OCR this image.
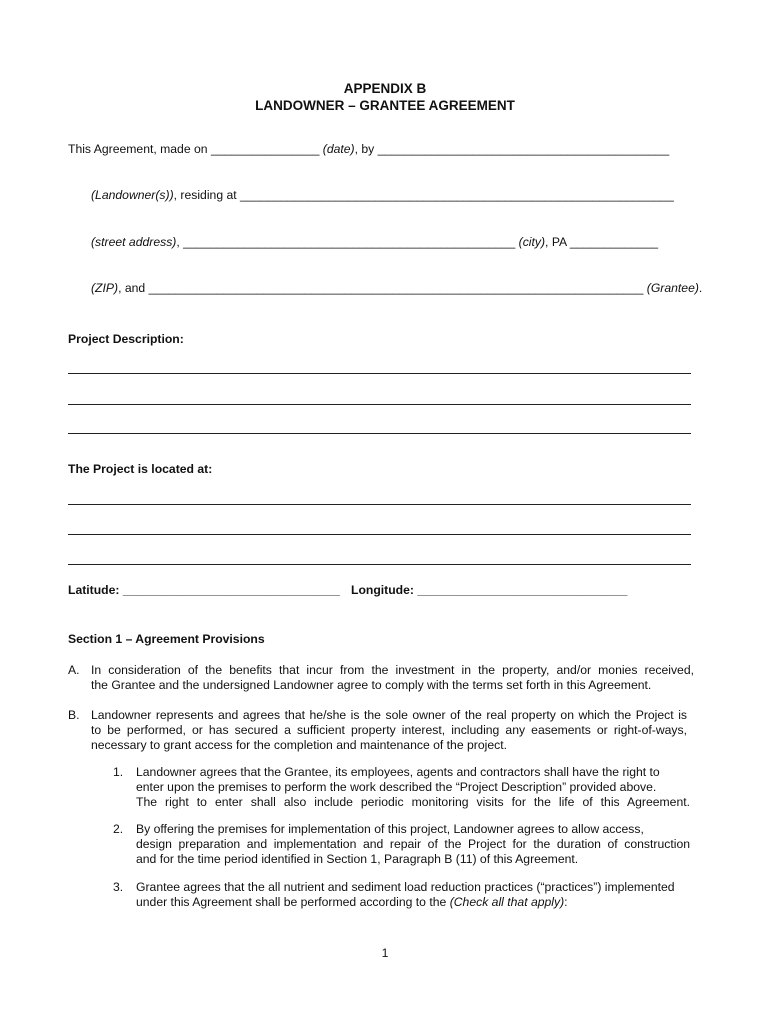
APPENDIX B
LANDOWNER – GRANTEE AGREEMENT
This Agreement, made on ________________ (date), by ___________________________________________
(Landowner(s)), residing at ________________________________________________________________
(street address), _________________________________________________ (city), PA _____________
(ZIP), and _________________________________________________________________________ (Grantee).
Project Description:
The Project is located at:
Latitude: ________________________________ Longitude: _______________________________
Section 1 – Agreement Provisions
A. In consideration of the benefits that incur from the investment in the property, and/or monies received,
the Grantee and the undersigned Landowner agree to comply with the terms set forth in this Agreement.
B. Landowner represents and agrees that he/she is the sole owner of the real property on which the Project is
to be performed, or has secured a sufficient property interest, including any easements or right-of-ways,
necessary to grant access for the completion and maintenance of the project.
1. Landowner agrees that the Grantee, its employees, agents and contractors shall have the right to
enter upon the premises to perform the work described the “Project Description” provided above.
The right to enter shall also include periodic monitoring visits for the life of this Agreement.
2. By offering the premises for implementation of this project, Landowner agrees to allow access,
design preparation and implementation and repair of the Project for the duration of construction
and for the time period identified in Section 1, Paragraph B (11) of this Agreement.
3. Grantee agrees that the all nutrient and sediment load reduction practices (“practices”) implemented
under this Agreement shall be performed according to the (Check all that apply):
1
